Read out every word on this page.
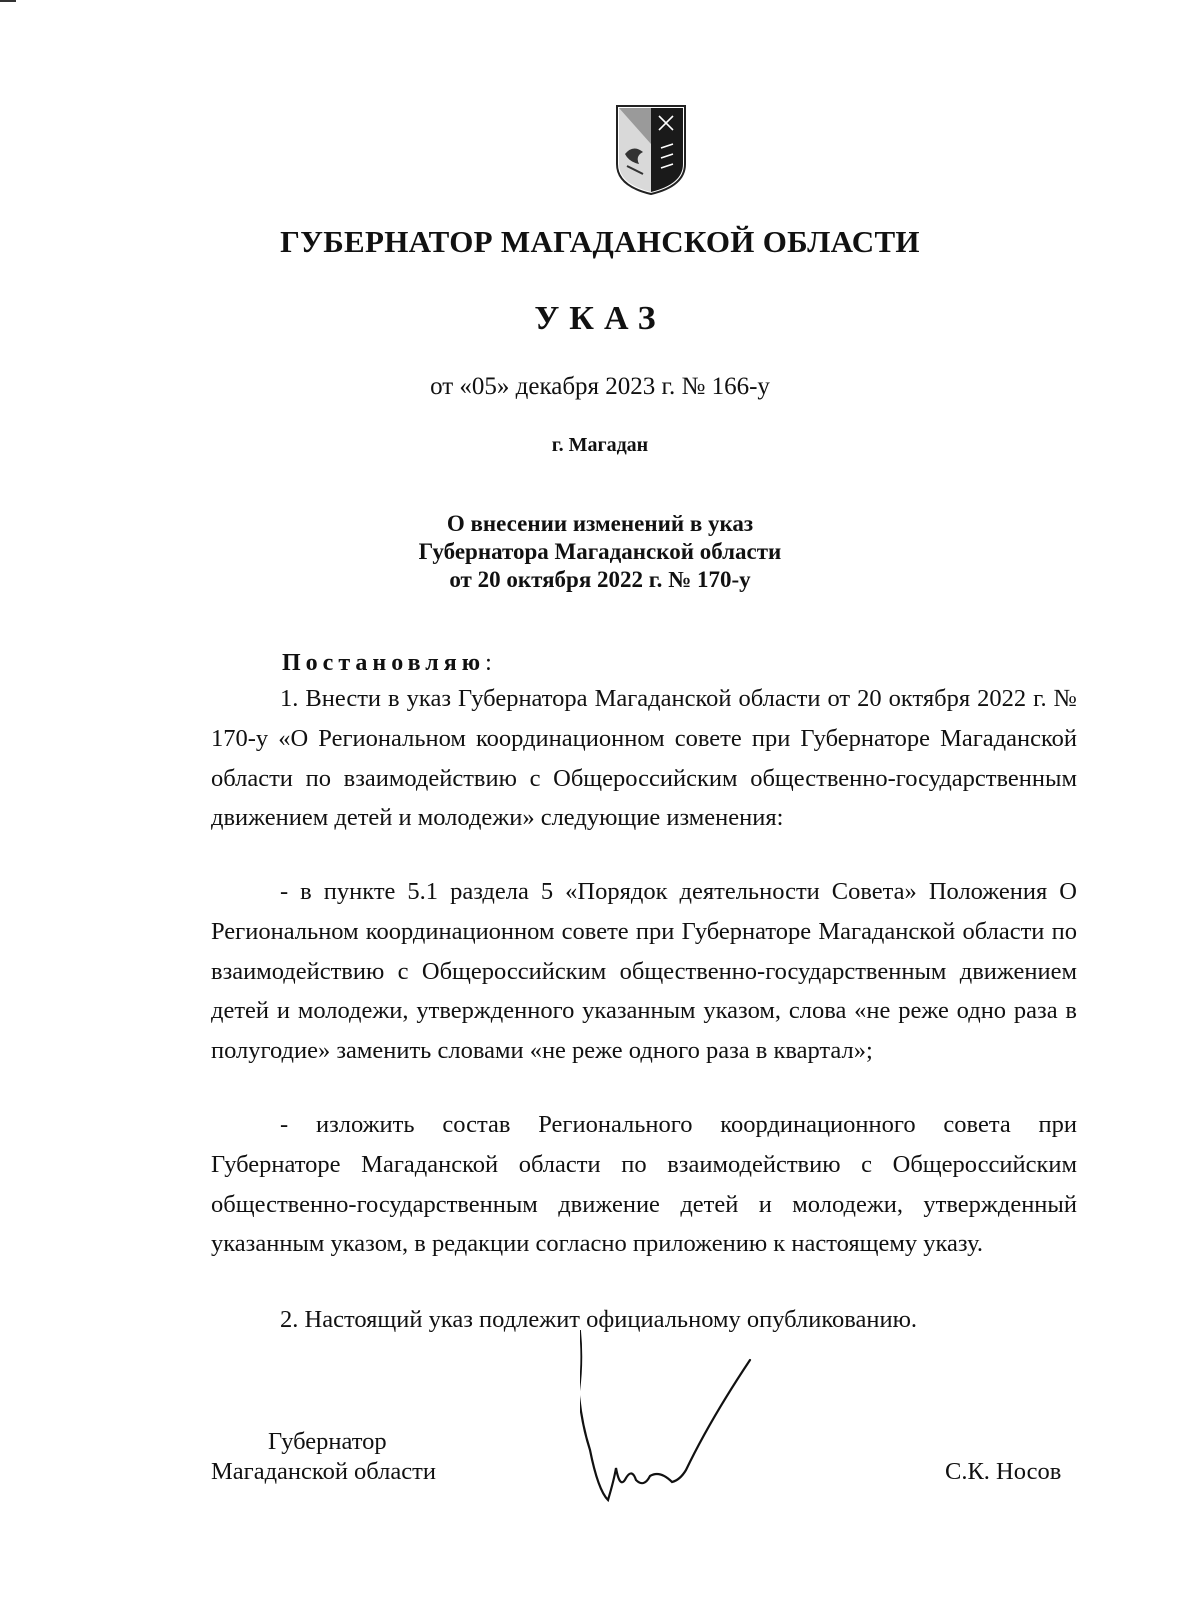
ГУБЕРНАТОР МАГАДАНСКОЙ ОБЛАСТИ
УКАЗ
от «05» декабря 2023 г. № 166-у
г. Магадан
О внесении изменений в указ
Губернатора Магаданской области
от 20 октября 2022 г. № 170-у
Постановляю:

1. Внести в указ Губернатора Магаданской области от 20 октября 2022 г. № 170-у «О Региональном координационном совете при Губернаторе Магаданской области по взаимодействию с Общероссийским общественно-государственным движением детей и молодежи» следующие изменения:

- в пункте 5.1 раздела 5 «Порядок деятельности Совета» Положения О Региональном координационном совете при Губернаторе Магаданской области по взаимодействию с Общероссийским общественно-государственным движением детей и молодежи, утвержденного указанным указом, слова «не реже одно раза в полугодие» заменить словами «не реже одного раза в квартал»;

- изложить состав Регионального координационного совета при Губернаторе Магаданской области по взаимодействию с Общероссийским общественно-государственным движение детей и молодежи, утвержденный указанным указом, в редакции согласно приложению к настоящему указу.

2. Настоящий указ подлежит официальному опубликованию.

Губернатор
Магаданской области	С.К. Носов
